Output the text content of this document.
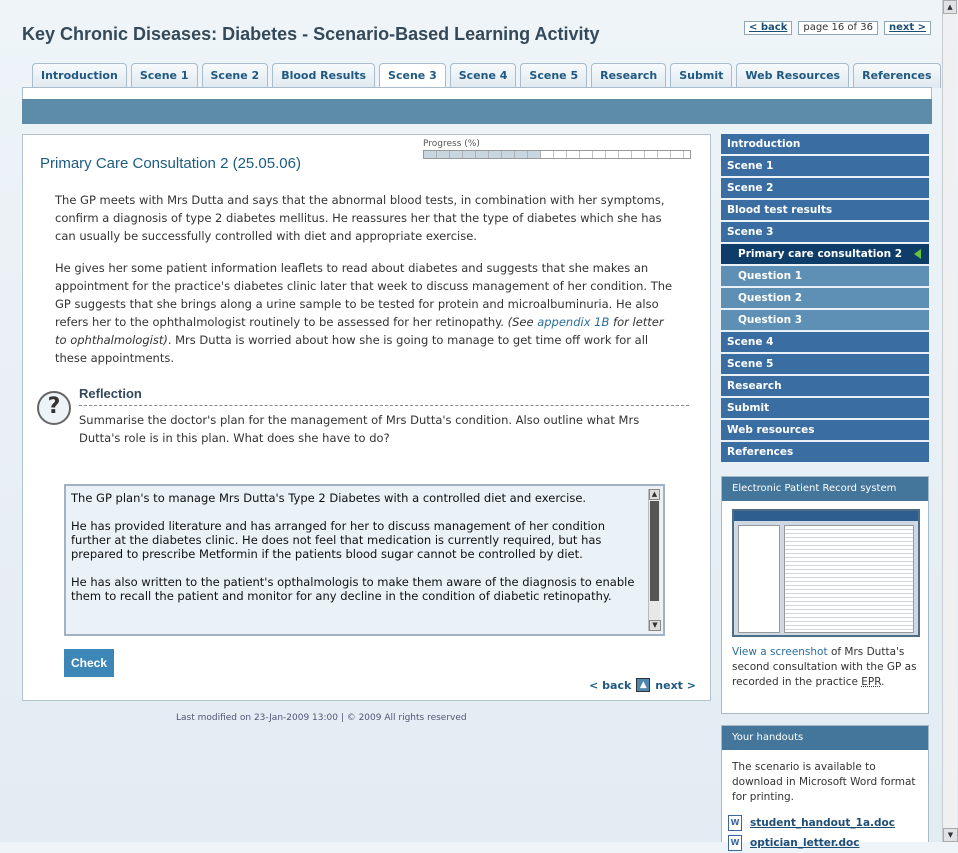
Key Chronic Diseases: Diabetes - Scenario-Based Learning Activity	< back	page 16 of 36	next >
Introduction	Scene 1	Scene 2	Blood Results	Scene 3	Scene 4	Scene 5	Research	Submit	Web Resources	References
Progress (%)
Primary Care Consultation 2 (25.05.06)
The GP meets with Mrs Dutta and says that the abnormal blood tests, in combination with her symptoms, confirm a diagnosis of type 2 diabetes mellitus. He reassures her that the type of diabetes which she has can usually be successfully controlled with diet and appropriate exercise.
He gives her some patient information leaflets to read about diabetes and suggests that she makes an appointment for the practice's diabetes clinic later that week to discuss management of her condition. The GP suggests that she brings along a urine sample to be tested for protein and microalbuminuria. He also refers her to the ophthalmologist routinely to be assessed for her retinopathy. (See appendix 1B for letter to ophthalmologist). Mrs Dutta is worried about how she is going to manage to get time off work for all these appointments.
?
Reflection
Summarise the doctor's plan for the management of Mrs Dutta's condition. Also outline what Mrs Dutta's role is in this plan. What does she have to do?

The GP plan's to manage Mrs Dutta's Type 2 Diabetes with a controlled diet and exercise.

He has provided literature and has arranged for her to discuss management of her condition further at the diabetes clinic. He does not feel that medication is currently required, but has prepared to prescribe Metformin if the patients blood sugar cannot be controlled by diet.

He has also written to the patient's opthalmologis to make them aware of the diagnosis to enable them to recall the patient and monitor for any decline in the condition of diabetic retinopathy.

▲
▼
Check
< back ▲ next >
Last modified on 23-Jan-2009 13:00 | © 2009 All rights reserved
Introduction
Scene 1
Scene 2
Blood test results
Scene 3
Primary care consultation 2
Question 1
Question 2
Question 3
Scene 4
Scene 5
Research
Submit
Web resources
References
Electronic Patient Record system
View a screenshot of Mrs Dutta's second consultation with the GP as recorded in the practice EPR.
Your handouts
The scenario is available to download in Microsoft Word format for printing.
W student_handout_1a.doc
W optician_letter.doc
▲
▼
